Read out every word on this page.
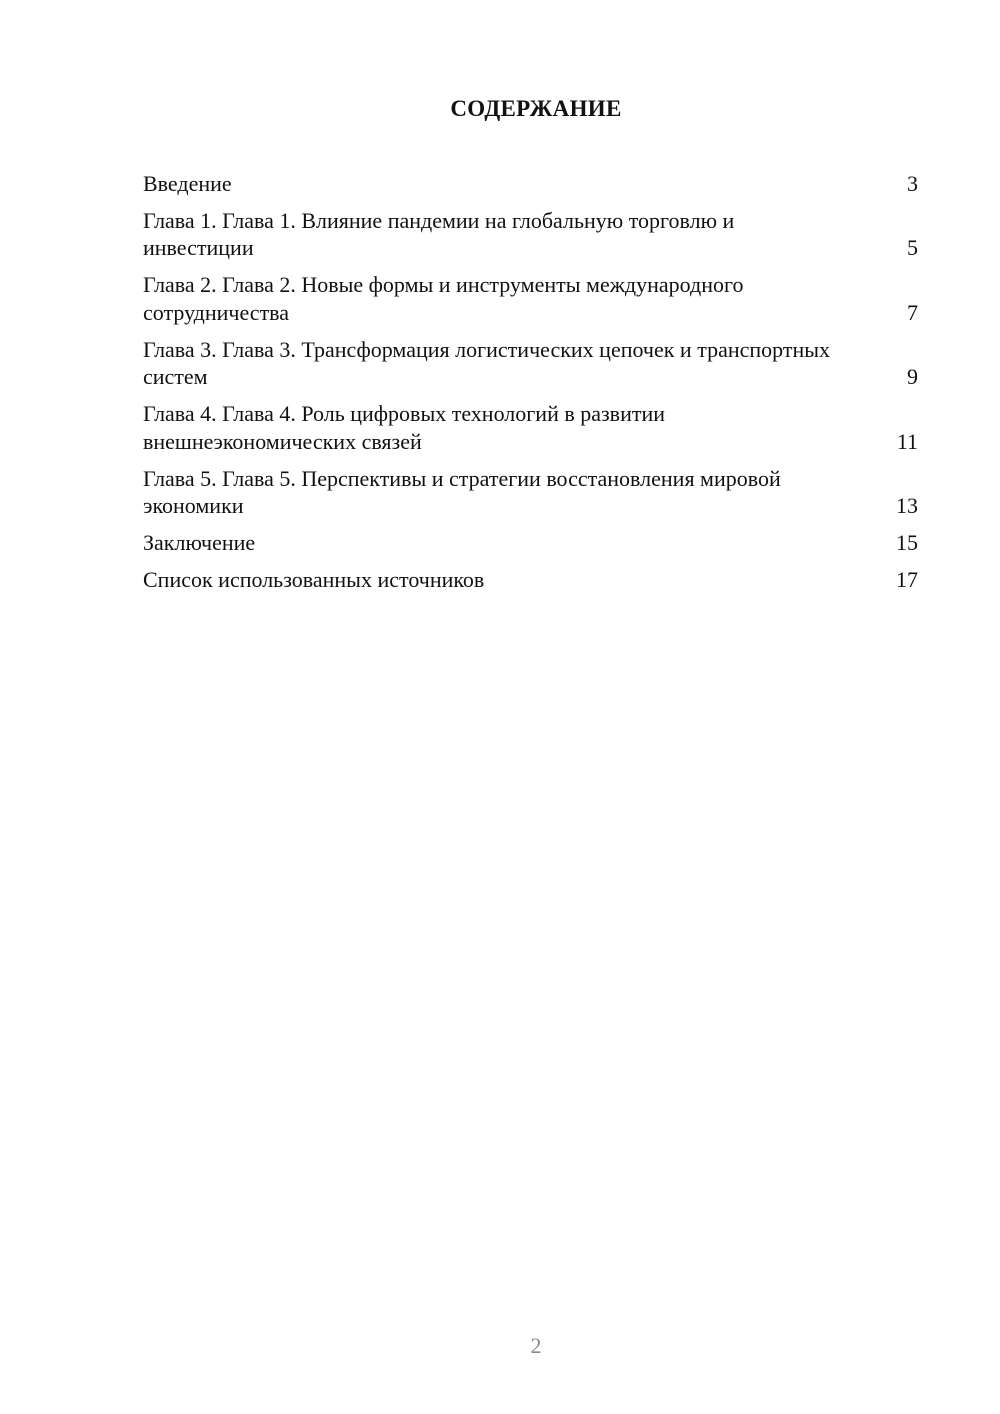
СОДЕРЖАНИЕ
Введение	3
Глава 1. Глава 1. Влияние пандемии на глобальную торговлю и инвестиции	5
Глава 2. Глава 2. Новые формы и инструменты международного сотрудничества	7
Глава 3. Глава 3. Трансформация логистических цепочек и транспортных систем	9
Глава 4. Глава 4. Роль цифровых технологий в развитии внешнеэкономических связей	11
Глава 5. Глава 5. Перспективы и стратегии восстановления мировой экономики	13
Заключение	15
Список использованных источников	17
2
